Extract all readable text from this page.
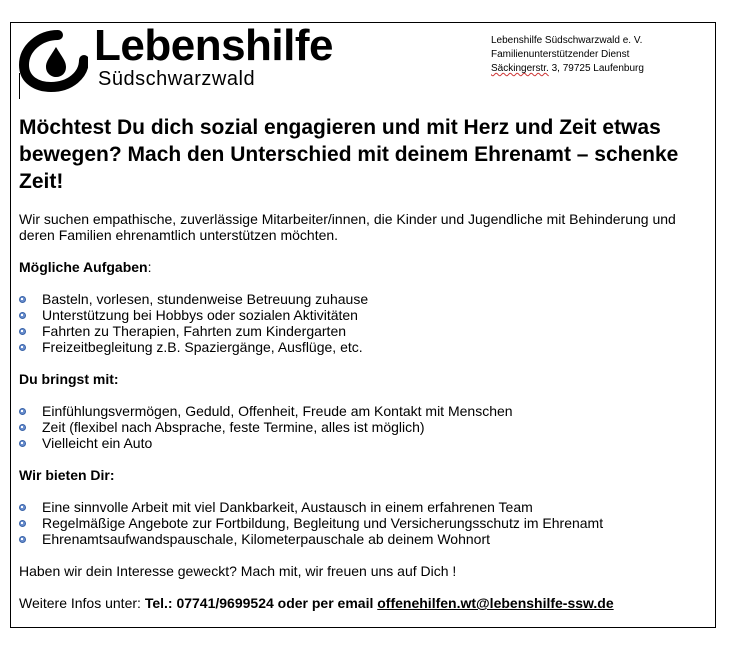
Lebenshilfe
Südschwarzwald
Lebenshilfe Südschwarzwald e. V.
Familienunterstützender Dienst
Säckingerstr. 3, 79725 Laufenburg
Möchtest Du dich sozial engagieren und mit Herz und Zeit etwas bewegen? Mach den Unterschied mit deinem Ehrenamt – schenke Zeit!

Wir suchen empathische, zuverlässige Mitarbeiter/innen, die Kinder und Jugendliche mit Behinderung und deren Familien ehrenamtlich unterstützen möchten.

Mögliche Aufgaben:

Basteln, vorlesen, stundenweise Betreuung zuhause
Unterstützung bei Hobbys oder sozialen Aktivitäten
Fahrten zu Therapien, Fahrten zum Kindergarten
Freizeitbegleitung z.B. Spaziergänge, Ausflüge, etc.

Du bringst mit:

Einfühlungsvermögen, Geduld, Offenheit, Freude am Kontakt mit Menschen
Zeit (flexibel nach Absprache, feste Termine, alles ist möglich)
Vielleicht ein Auto

Wir bieten Dir:

Eine sinnvolle Arbeit mit viel Dankbarkeit, Austausch in einem erfahrenen Team
Regelmäßige Angebote zur Fortbildung, Begleitung und Versicherungsschutz im Ehrenamt
Ehrenamtsaufwandspauschale, Kilometerpauschale ab deinem Wohnort

Haben wir dein Interesse geweckt? Mach mit, wir freuen uns auf Dich !

Weitere Infos unter: Tel.: 07741/9699524 oder per email offenehilfen.wt@lebenshilfe-ssw.de
